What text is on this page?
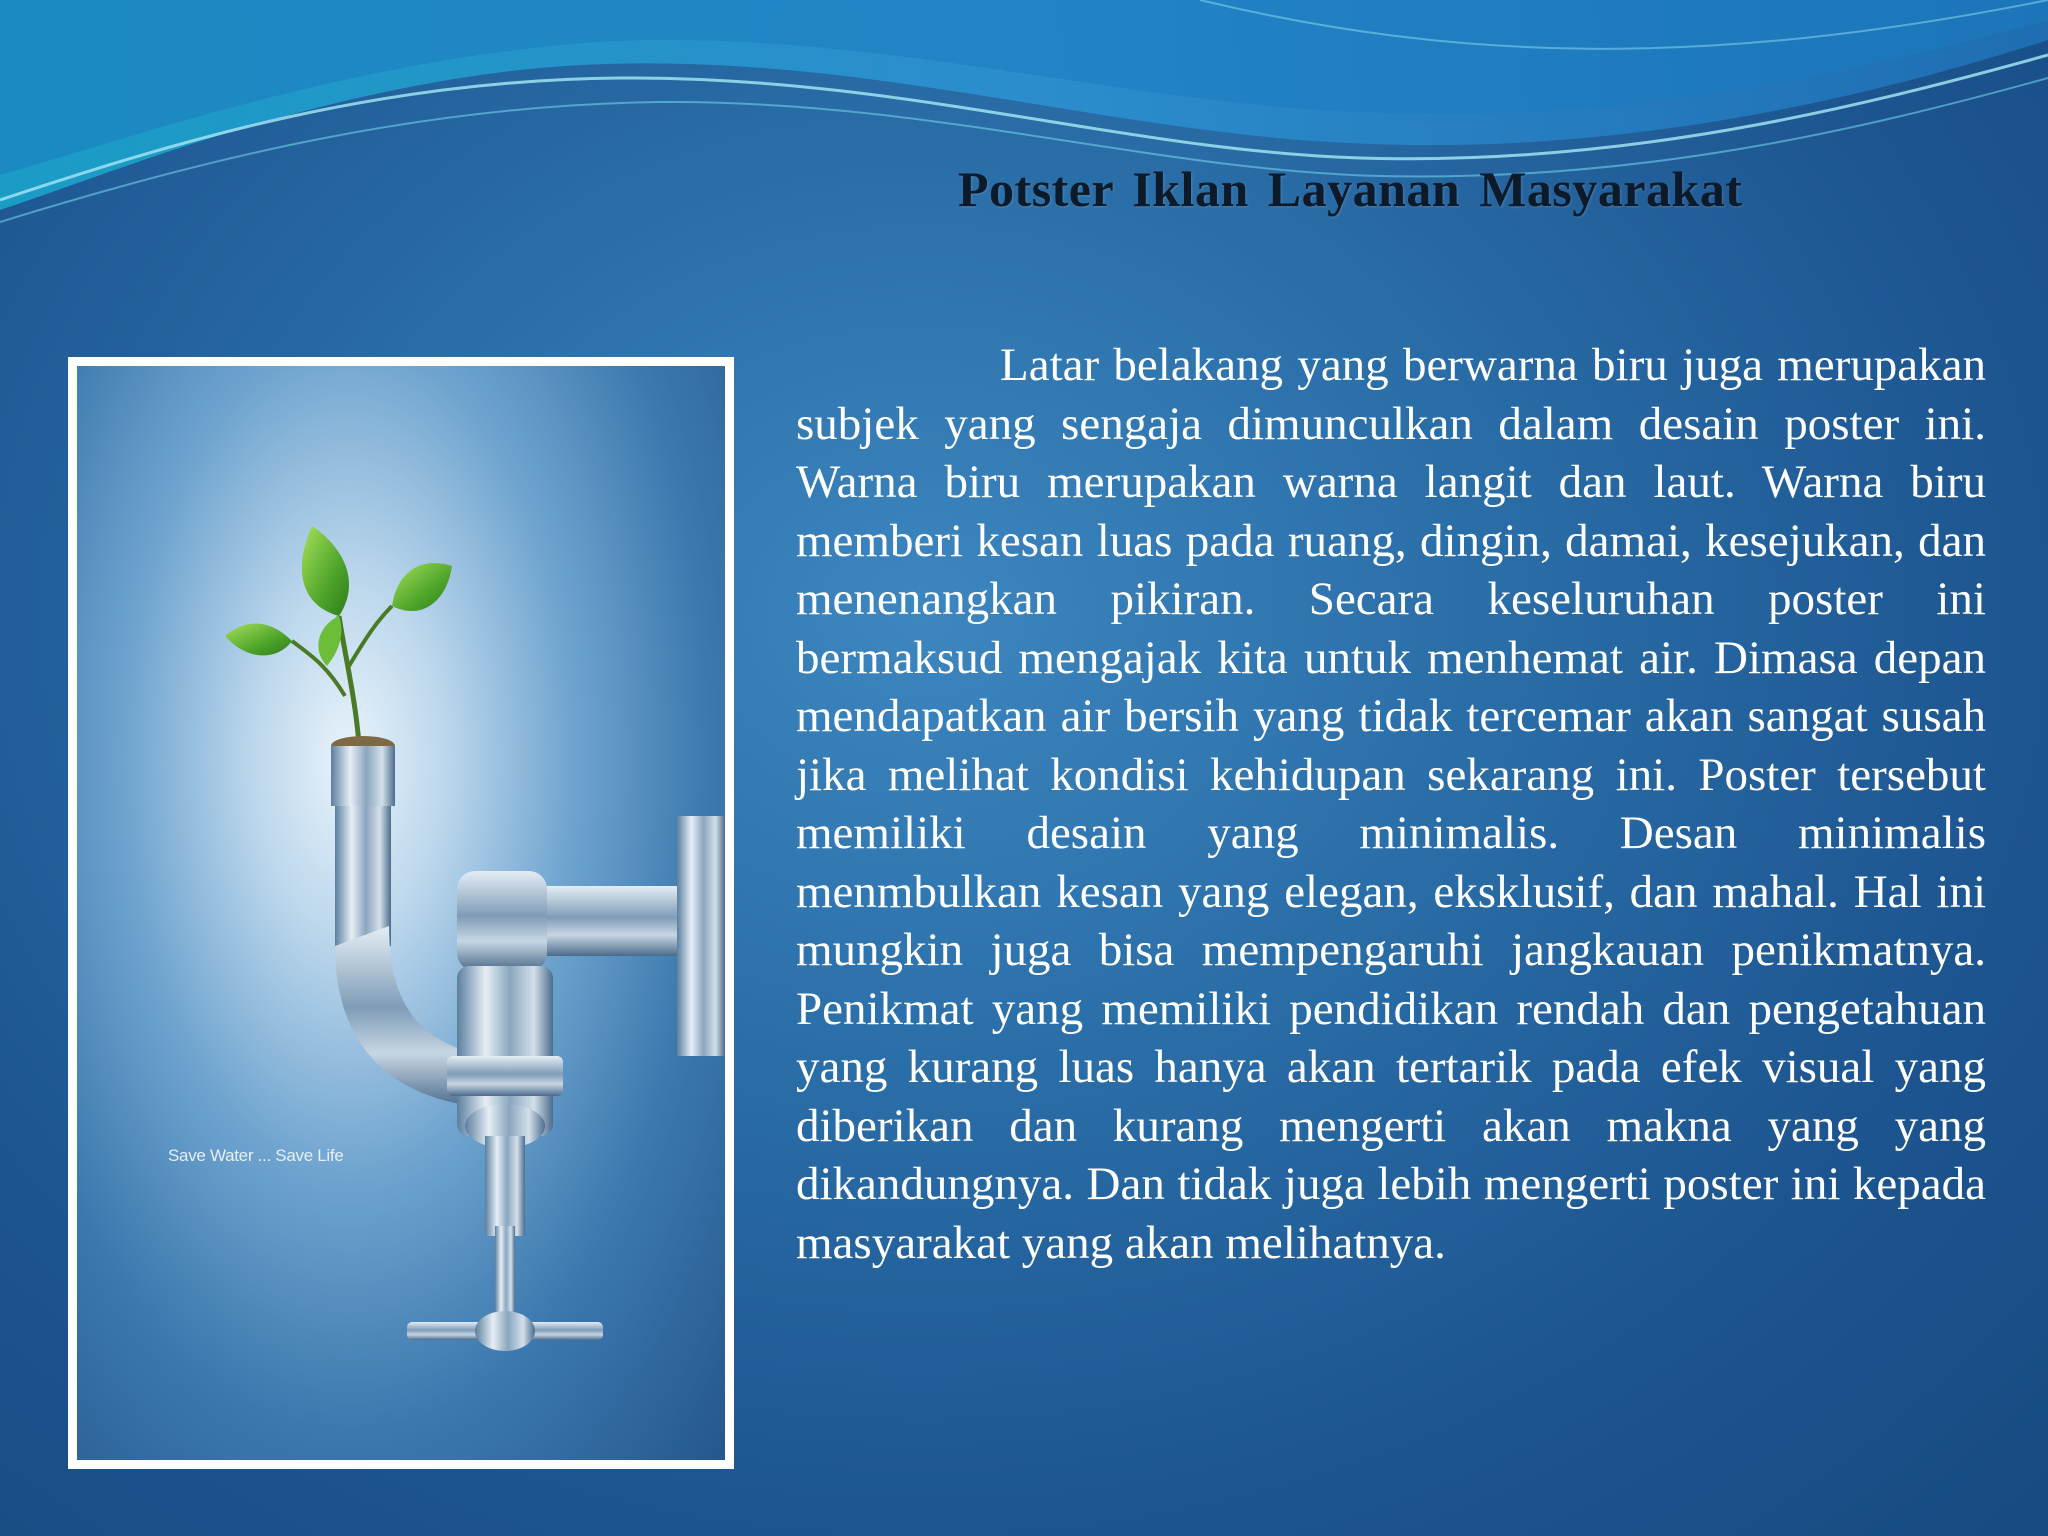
Potster Iklan Layanan Masyarakat
Save Water ... Save Life

Latar belakang yang berwarna biru juga merupakan subjek yang sengaja dimunculkan dalam desain poster ini. Warna biru merupakan warna langit dan laut. Warna biru memberi kesan luas pada ruang, dingin, damai, kesejukan, dan menenangkan pikiran. Secara keseluruhan poster ini bermaksud mengajak kita untuk menhemat air. Dimasa depan mendapatkan air bersih yang tidak tercemar akan sangat susah jika melihat kondisi kehidupan sekarang ini. Poster tersebut memiliki desain yang minimalis. Desan minimalis menmbulkan kesan yang elegan, eksklusif, dan mahal. Hal ini mungkin juga bisa mempengaruhi jangkauan penikmatnya. Penikmat yang memiliki pendidikan rendah dan pengetahuan yang kurang luas hanya akan tertarik pada efek visual yang diberikan dan kurang mengerti akan makna yang yang dikandungnya. Dan tidak juga lebih mengerti poster ini kepada masyarakat yang akan melihatnya.
